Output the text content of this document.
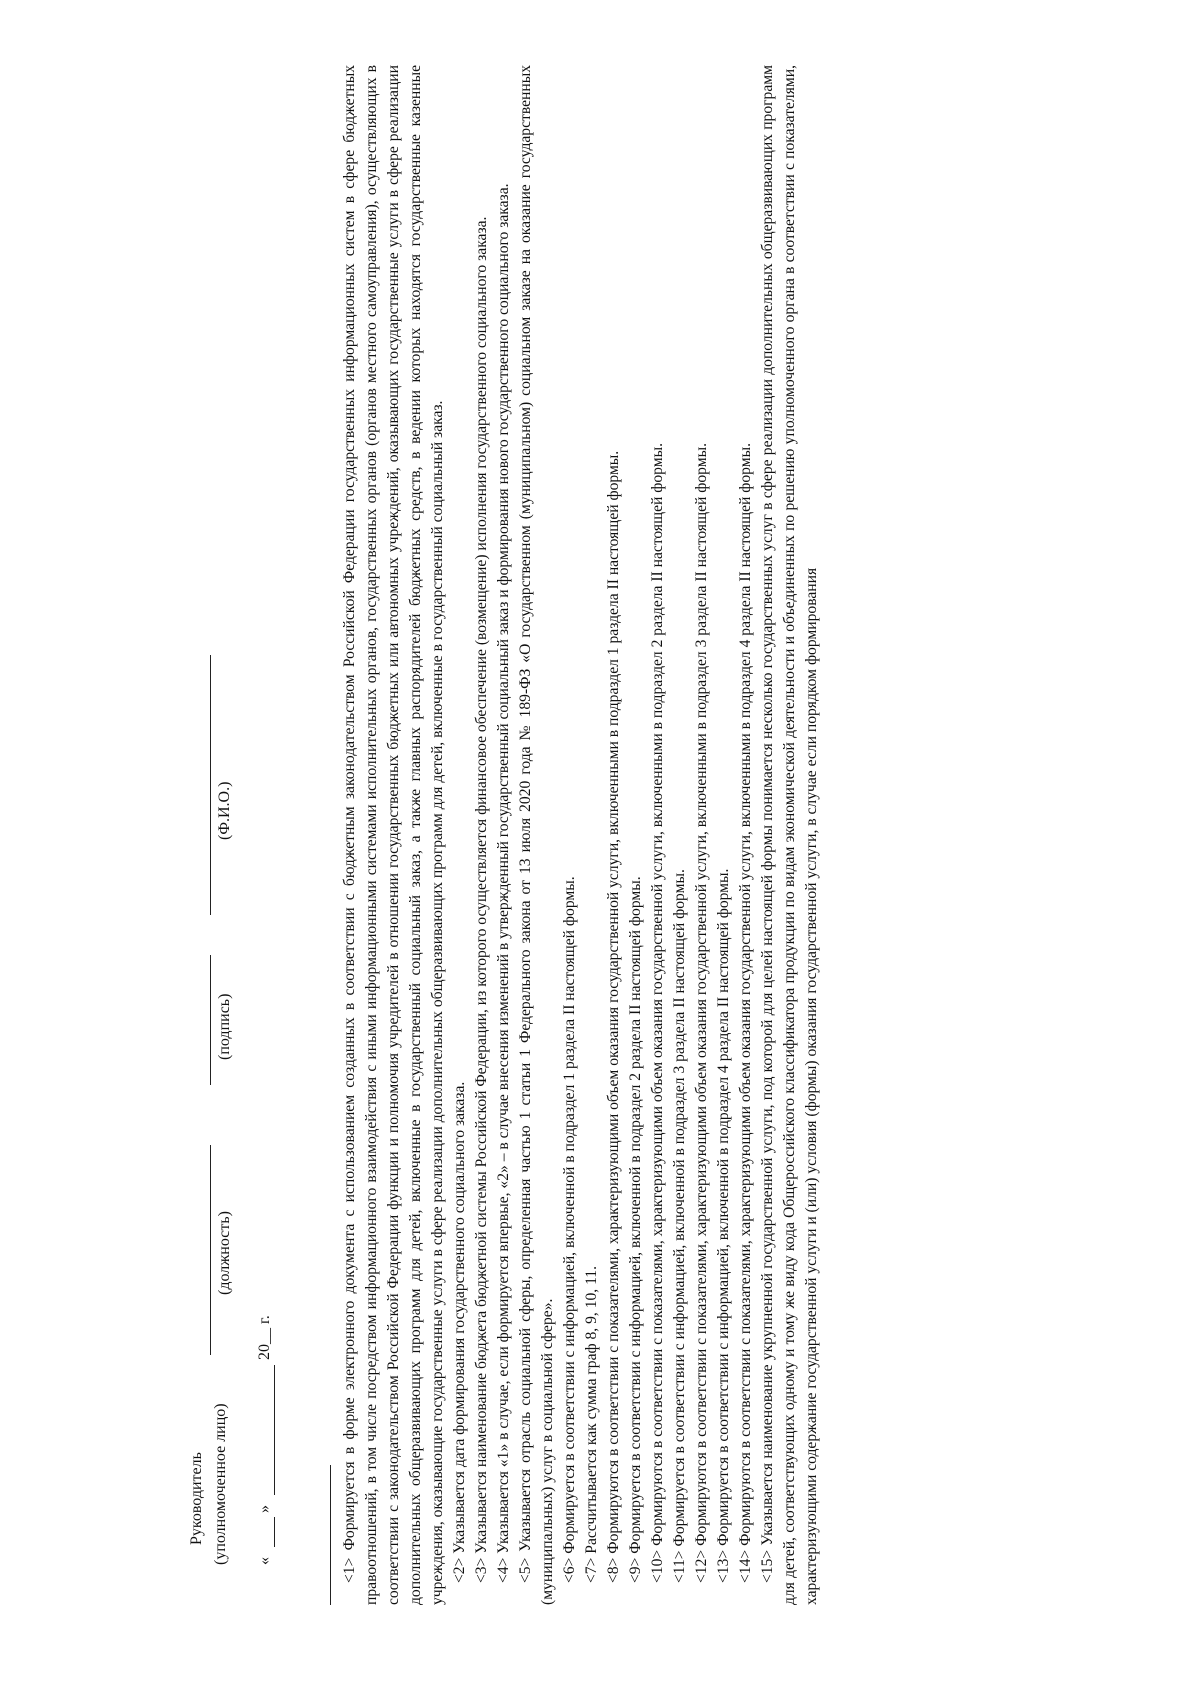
Руководитель (уполномоченное лицо)
(должность)
(подпись)
(Ф.И.О.)
«
»
20__ г.

<1> Формируется в форме электронного документа с использованием созданных в соответствии с бюджетным законодательством Российской Федерации государственных информационных систем в сфере бюджетных правоотношений, в том числе посредством информационного взаимодействия с иными информационными системами исполнительных органов, государственных органов (органов местного самоуправления), осуществляющих в соответствии с законодательством Российской Федерации функции и полномочия учредителей в отношении государственных бюджетных или автономных учреждений, оказывающих государственные услуги в сфере реализации дополнительных общеразвивающих программ для детей, включенные в государственный социальный заказ, а также главных распорядителей бюджетных средств, в ведении которых находятся государственные казенные учреждения, оказывающие государственные услуги в сфере реализации дополнительных общеразвивающих программ для детей, включенные в государственный социальный заказ. <2> Указывается дата формирования государственного социального заказа.

<3> Указывается наименование бюджета бюджетной системы Российской Федерации, из которого осуществляется финансовое обеспечение (возмещение) исполнения государственного социального заказа.

<4> Указывается «1» в случае, если формируется впервые, «2» – в случае внесения изменений в утвержденный государственный социальный заказ и формирования нового государственного социального заказа.

<5> Указывается отрасль социальной сферы, определенная частью 1 статьи 1 Федерального закона от 13 июля 2020 года № 189-ФЗ «О государственном (муниципальном) социальном заказе на оказание государственных (муниципальных) услуг в социальной сфере». <6> Формируется в соответствии с информацией, включенной в подраздел 1 раздела II настоящей формы.

<7> Рассчитывается как сумма граф 8, 9, 10, 11.

<8> Формируются в соответствии с показателями, характеризующими объем оказания государственной услуги, включенными в подраздел 1 раздела II настоящей формы.

<9> Формируется в соответствии с информацией, включенной в подраздел 2 раздела II настоящей формы.

<10> Формируются в соответствии с показателями, характеризующими объем оказания государственной услуги, включенными в подраздел 2 раздела II настоящей формы.

<11> Формируется в соответствии с информацией, включенной в подраздел 3 раздела II настоящей формы.

<12> Формируются в соответствии с показателями, характеризующими объем оказания государственной услуги, включенными в подраздел 3 раздела II настоящей формы.

<13> Формируется в соответствии с информацией, включенной в подраздел 4 раздела II настоящей формы.

<14> Формируются в соответствии с показателями, характеризующими объем оказания государственной услуги, включенными в подраздел 4 раздела II настоящей формы.

<15> Указывается наименование укрупненной государственной услуги, под которой для целей настоящей формы понимается несколько государственных услуг в сфере реализации дополнительных общеразвивающих программ для детей, соответствующих одному и тому же виду кода Общероссийского классификатора продукции по видам экономической деятельности и объединенных по решению уполномоченного органа в соответствии с показателями, характеризующими содержание государственной услуги и (или) условия (формы) оказания государственной услуги, в случае если порядком формирования
